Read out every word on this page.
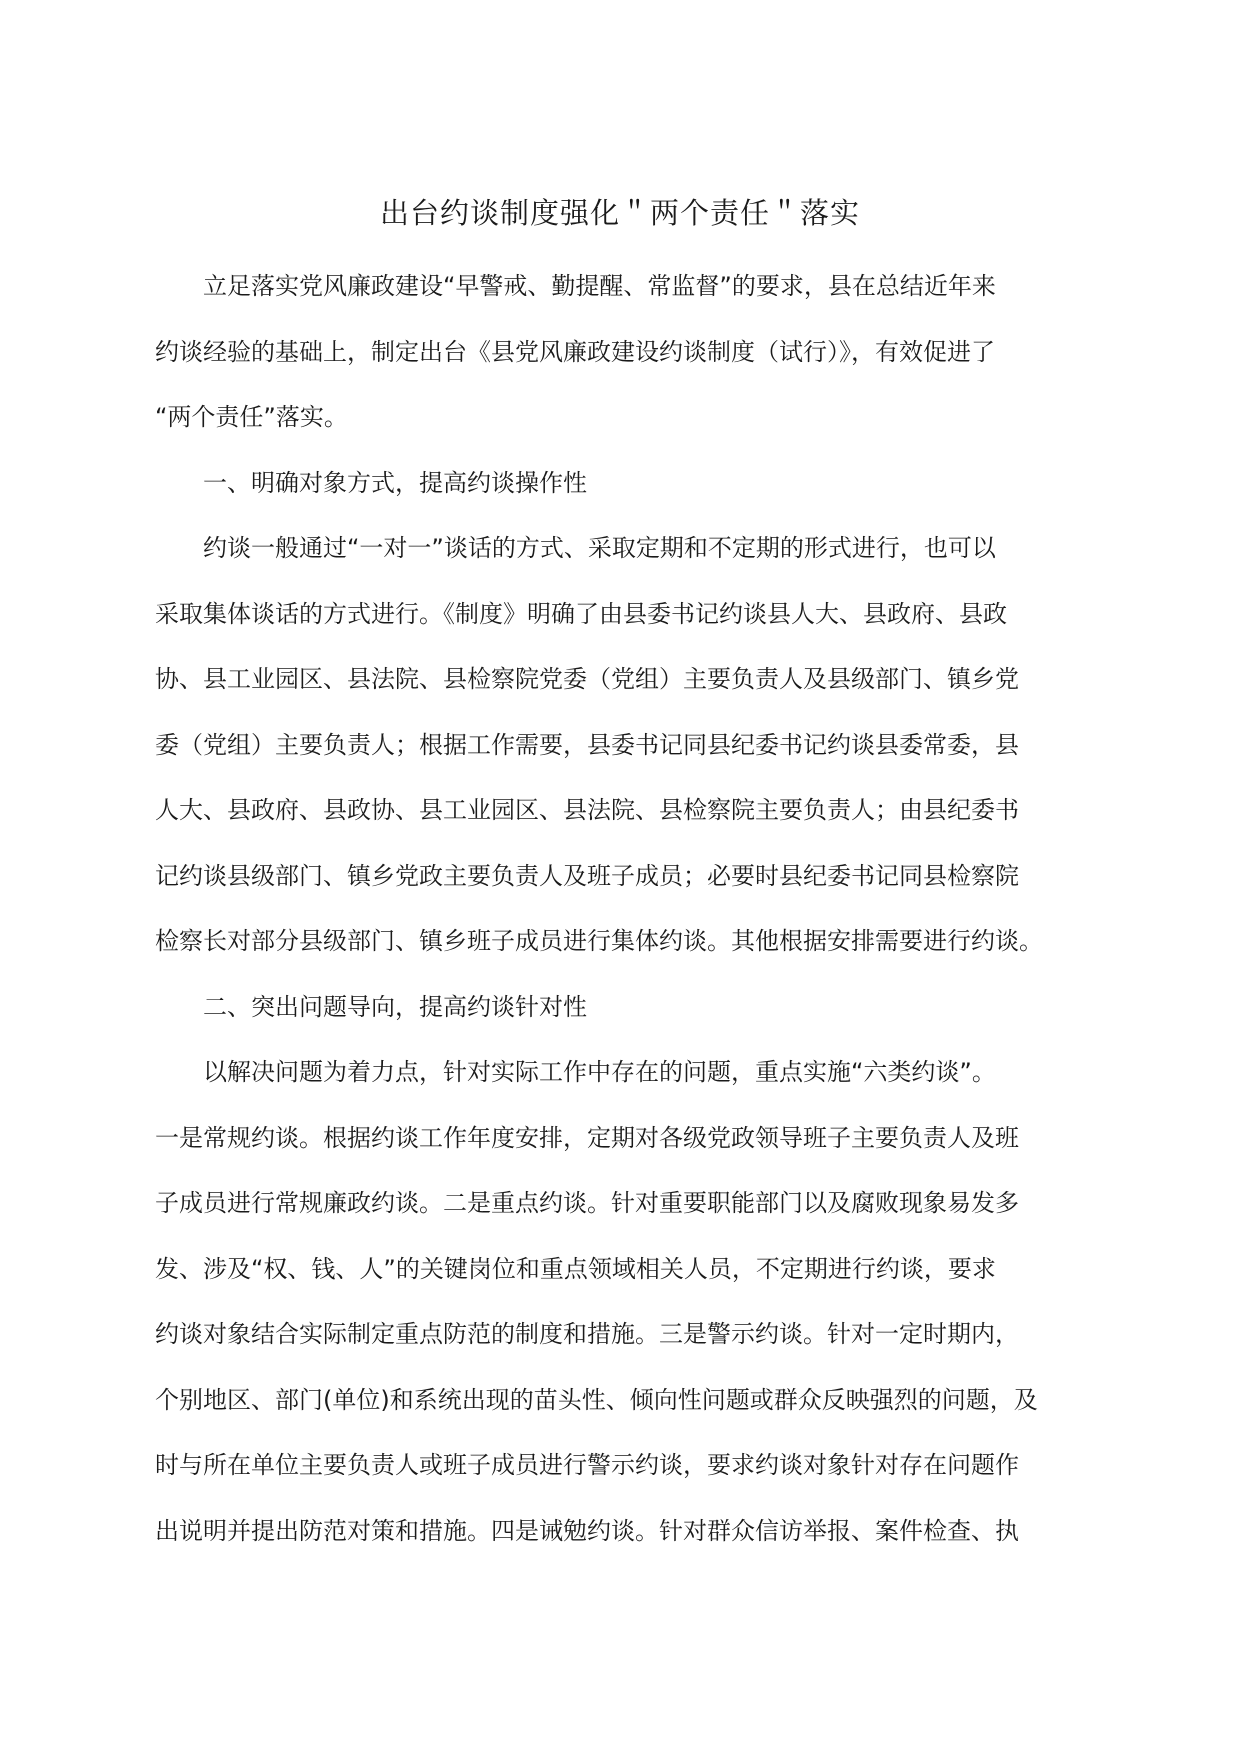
出台约谈制度强化＂两个责任＂落实
立足落实党风廉政建设“早警戒、勤提醒、常监督”的要求，县在总结近年来
约谈经验的基础上，制定出台《县党风廉政建设约谈制度（试行）》，有效促进了
“两个责任”落实。
一、明确对象方式，提高约谈操作性
约谈一般通过“一对一”谈话的方式、采取定期和不定期的形式进行，也可以
采取集体谈话的方式进行。《制度》明确了由县委书记约谈县人大、县政府、县政
协、县工业园区、县法院、县检察院党委（党组）主要负责人及县级部门、镇乡党
委（党组）主要负责人；根据工作需要，县委书记同县纪委书记约谈县委常委，县
人大、县政府、县政协、县工业园区、县法院、县检察院主要负责人；由县纪委书
记约谈县级部门、镇乡党政主要负责人及班子成员；必要时县纪委书记同县检察院
检察长对部分县级部门、镇乡班子成员进行集体约谈。其他根据安排需要进行约谈。
二、突出问题导向，提高约谈针对性
以解决问题为着力点，针对实际工作中存在的问题，重点实施“六类约谈”。
一是常规约谈。根据约谈工作年度安排，定期对各级党政领导班子主要负责人及班
子成员进行常规廉政约谈。二是重点约谈。针对重要职能部门以及腐败现象易发多
发、涉及“权、钱、人”的关键岗位和重点领域相关人员，不定期进行约谈，要求
约谈对象结合实际制定重点防范的制度和措施。三是警示约谈。针对一定时期内，
个别地区、部门(单位)和系统出现的苗头性、倾向性问题或群众反映强烈的问题，及
时与所在单位主要负责人或班子成员进行警示约谈，要求约谈对象针对存在问题作
出说明并提出防范对策和措施。四是诫勉约谈。针对群众信访举报、案件检查、执
